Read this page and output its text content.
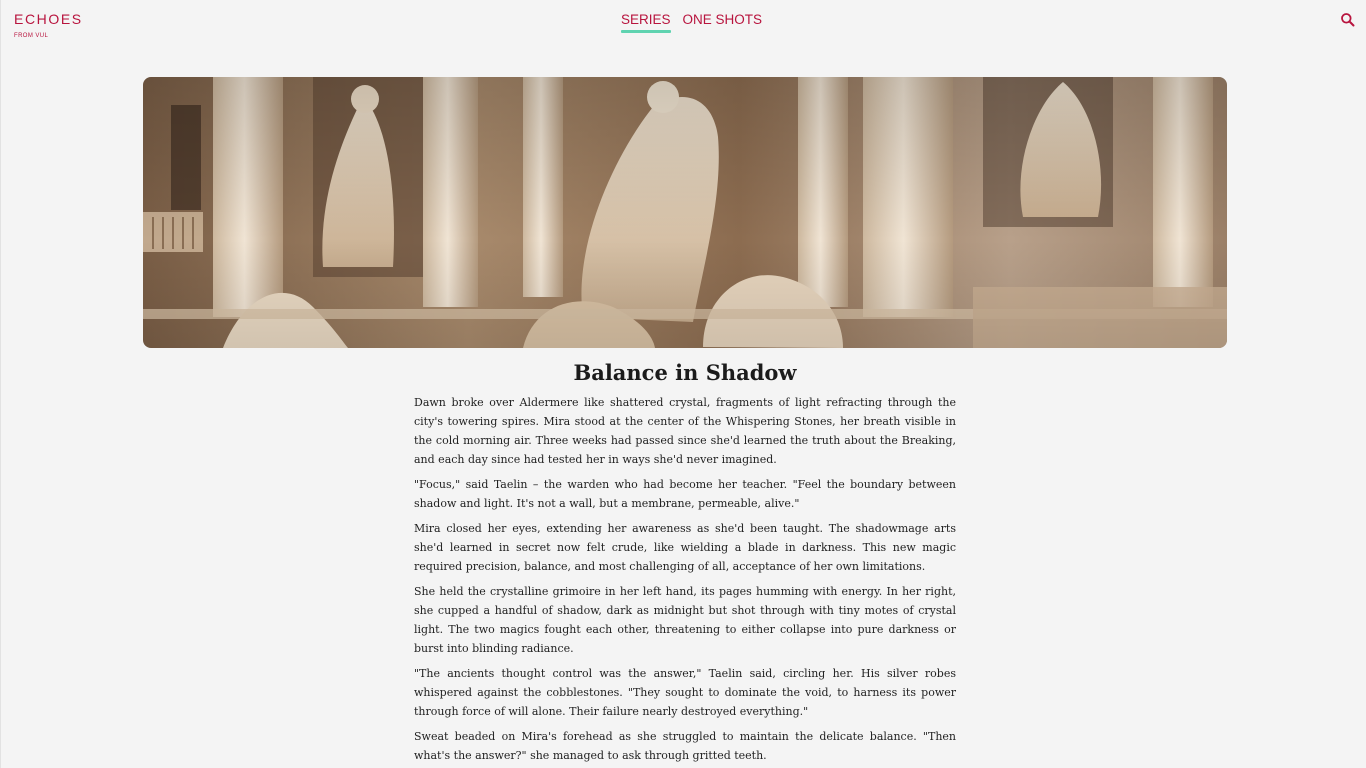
ECHOES
FROM VUL
SERIES ONE SHOTS
Balance in Shadow

Dawn broke over Aldermere like shattered crystal, fragments of light refracting through the city's towering spires. Mira stood at the center of the Whispering Stones, her breath visible in the cold morning air. Three weeks had passed since she'd learned the truth about the Breaking, and each day since had tested her in ways she'd never imagined.

"Focus," said Taelin – the warden who had become her teacher. "Feel the boundary between shadow and light. It's not a wall, but a membrane, permeable, alive."

Mira closed her eyes, extending her awareness as she'd been taught. The shadowmage arts she'd learned in secret now felt crude, like wielding a blade in darkness. This new magic required precision, balance, and most challenging of all, acceptance of her own limitations.

She held the crystalline grimoire in her left hand, its pages humming with energy. In her right, she cupped a handful of shadow, dark as midnight but shot through with tiny motes of crystal light. The two magics fought each other, threatening to either collapse into pure darkness or burst into blinding radiance.

"The ancients thought control was the answer," Taelin said, circling her. His silver robes whispered against the cobblestones. "They sought to dominate the void, to harness its power through force of will alone. Their failure nearly destroyed everything."

Sweat beaded on Mira's forehead as she struggled to maintain the delicate balance. "Then what's the answer?" she managed to ask through gritted teeth.
